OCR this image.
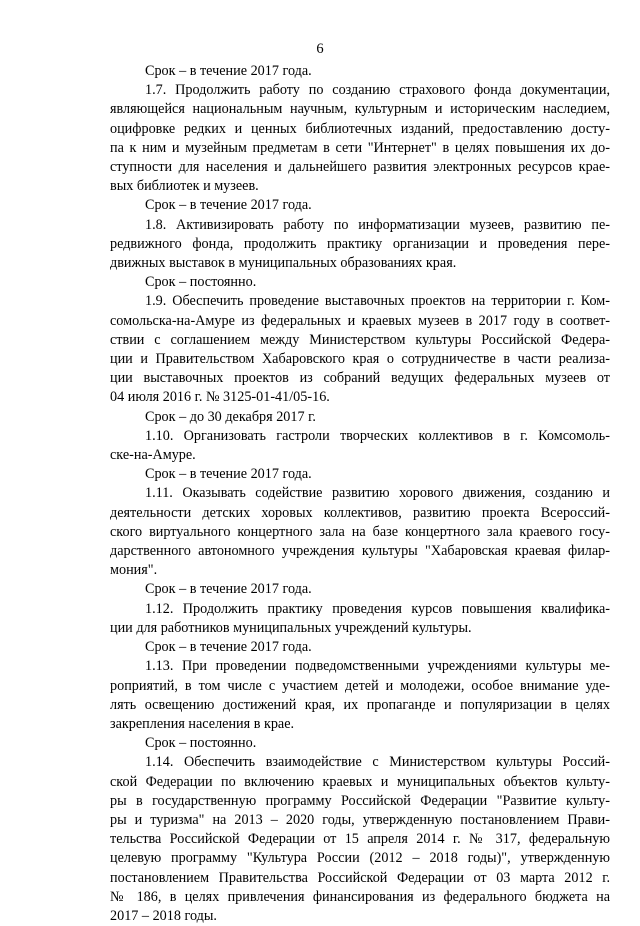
6

Срок – в течение 2017 года.

1.7. Продолжить работу по созданию страхового фонда документации,
являющейся национальным научным, культурным и историческим наследием,
оцифровке редких и ценных библиотечных изданий, предоставлению досту-
па к ним и музейным предметам в сети "Интернет" в целях повышения их до-
ступности для населения и дальнейшего развития электронных ресурсов крае-
вых библиотек и музеев.

Срок – в течение 2017 года.

1.8. Активизировать работу по информатизации музеев, развитию пе-
редвижного фонда, продолжить практику организации и проведения пере-
движных выставок в муниципальных образованиях края.

Срок – постоянно.

1.9. Обеспечить проведение выставочных проектов на территории г. Ком-
сомольска-на-Амуре из федеральных и краевых музеев в 2017 году в соответ-
ствии с соглашением между Министерством культуры Российской Федера-
ции и Правительством Хабаровского края о сотрудничестве в части реализа-
ции выставочных проектов из собраний ведущих федеральных музеев от
04 июля 2016 г. № 3125-01-41/05-16.

Срок – до 30 декабря 2017 г.

1.10. Организовать гастроли творческих коллективов в г. Комсомоль-
ске-на-Амуре.

Срок – в течение 2017 года.

1.11. Оказывать содействие развитию хорового движения, созданию и
деятельности детских хоровых коллективов, развитию проекта Всероссий-
ского виртуального концертного зала на базе концертного зала краевого госу-
дарственного автономного учреждения культуры "Хабаровская краевая филар-
мония".

Срок – в течение 2017 года.

1.12. Продолжить практику проведения курсов повышения квалифика-
ции для работников муниципальных учреждений культуры.

Срок – в течение 2017 года.

1.13. При проведении подведомственными учреждениями культуры ме-
роприятий, в том числе с участием детей и молодежи, особое внимание уде-
лять освещению достижений края, их пропаганде и популяризации в целях
закрепления населения в крае.

Срок – постоянно.

1.14. Обеспечить взаимодействие с Министерством культуры Россий-
ской Федерации по включению краевых и муниципальных объектов культу-
ры в государственную программу Российской Федерации "Развитие культу-
ры и туризма" на 2013 – 2020 годы, утвержденную постановлением Прави-
тельства Российской Федерации от 15 апреля 2014 г. № 317, федеральную
целевую программу "Культура России (2012 – 2018 годы)", утвержденную
постановлением Правительства Российской Федерации от 03 марта 2012 г.
№ 186, в целях привлечения финансирования из федерального бюджета на
2017 – 2018 годы.
